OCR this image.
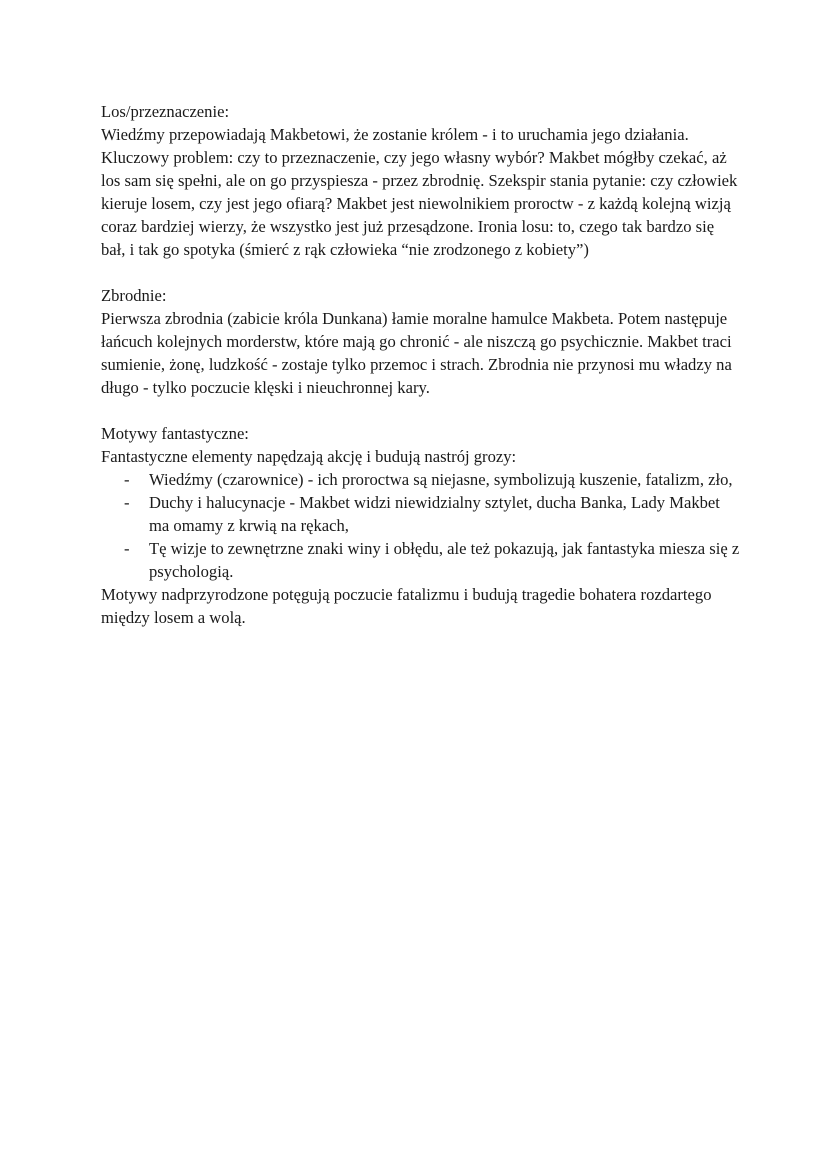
Los/przeznaczenie:
Wiedźmy przepowiadają Makbetowi, że zostanie królem - i to uruchamia jego działania. Kluczowy problem: czy to przeznaczenie, czy jego własny wybór? Makbet mógłby czekać, aż los sam się spełni, ale on go przyspiesza - przez zbrodnię. Szekspir stania pytanie: czy człowiek kieruje losem, czy jest jego ofiarą? Makbet jest niewolnikiem proroctw - z każdą kolejną wizją coraz bardziej wierzy, że wszystko jest już przesądzone. Ironia losu: to, czego tak bardzo się bał, i tak go spotyka (śmierć z rąk człowieka “nie zrodzonego z kobiety”)
Zbrodnie:
Pierwsza zbrodnia (zabicie króla Dunkana) łamie moralne hamulce Makbeta. Potem następuje łańcuch kolejnych morderstw, które mają go chronić - ale niszczą go psychicznie. Makbet traci sumienie, żonę, ludzkość - zostaje tylko przemoc i strach. Zbrodnia nie przynosi mu władzy na długo - tylko poczucie klęski i nieuchronnej kary.
Motywy fantastyczne:
Fantastyczne elementy napędzają akcję i budują nastrój grozy:
- Wiedźmy (czarownice) - ich proroctwa są niejasne, symbolizują kuszenie, fatalizm, zło,
- Duchy i halucynacje - Makbet widzi niewidzialny sztylet, ducha Banka, Lady Makbet ma omamy z krwią na rękach,
- Tę wizje to zewnętrzne znaki winy i obłędu, ale też pokazują, jak fantastyka miesza się z psychologią.
Motywy nadprzyrodzone potęgują poczucie fatalizmu i budują tragedie bohatera rozdartego między losem a wolą.
